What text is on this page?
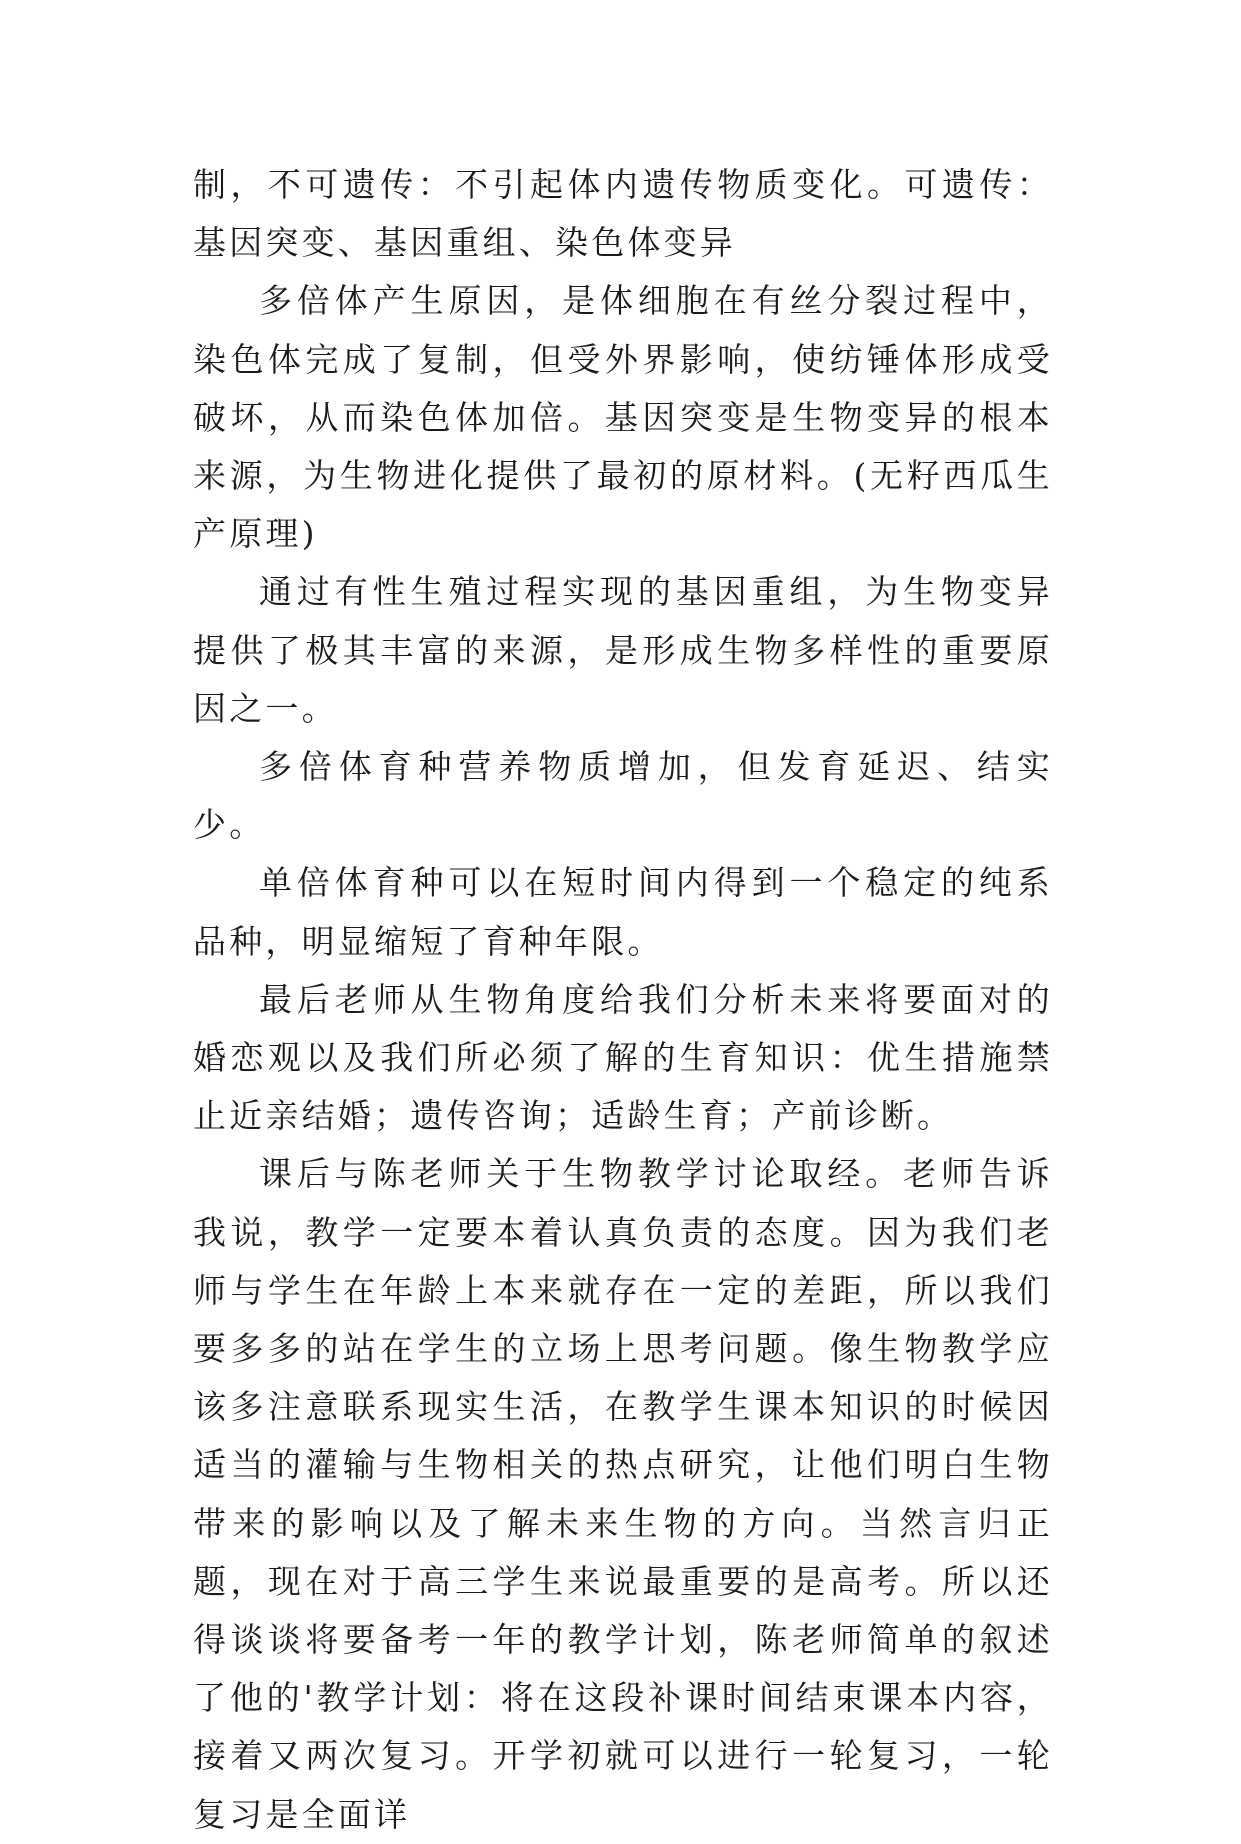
制，不可遗传：不引起体内遗传物质变化。可遗传：基因突变、基因重组、染色体变异

多倍体产生原因，是体细胞在有丝分裂过程中，染色体完成了复制，但受外界影响，使纺锤体形成受破坏，从而染色体加倍。基因突变是生物变异的根本来源，为生物进化提供了最初的原材料。(无籽西瓜生产原理)

通过有性生殖过程实现的基因重组，为生物变异提供了极其丰富的来源，是形成生物多样性的重要原因之一。

多倍体育种营养物质增加，但发育延迟、结实少。

单倍体育种可以在短时间内得到一个稳定的纯系品种，明显缩短了育种年限。

最后老师从生物角度给我们分析未来将要面对的婚恋观以及我们所必须了解的生育知识：优生措施禁止近亲结婚；遗传咨询；适龄生育；产前诊断。

课后与陈老师关于生物教学讨论取经。老师告诉我说，教学一定要本着认真负责的态度。因为我们老师与学生在年龄上本来就存在一定的差距，所以我们要多多的站在学生的立场上思考问题。像生物教学应该多注意联系现实生活，在教学生课本知识的时候因适当的灌输与生物相关的热点研究，让他们明白生物带来的影响以及了解未来生物的方向。当然言归正题，现在对于高三学生来说最重要的是高考。所以还得谈谈将要备考一年的教学计划，陈老师简单的叙述了他的'教学计划：将在这段补课时间结束课本内容，接着又两次复习。开学初就可以进行一轮复习，一轮复习是全面详
